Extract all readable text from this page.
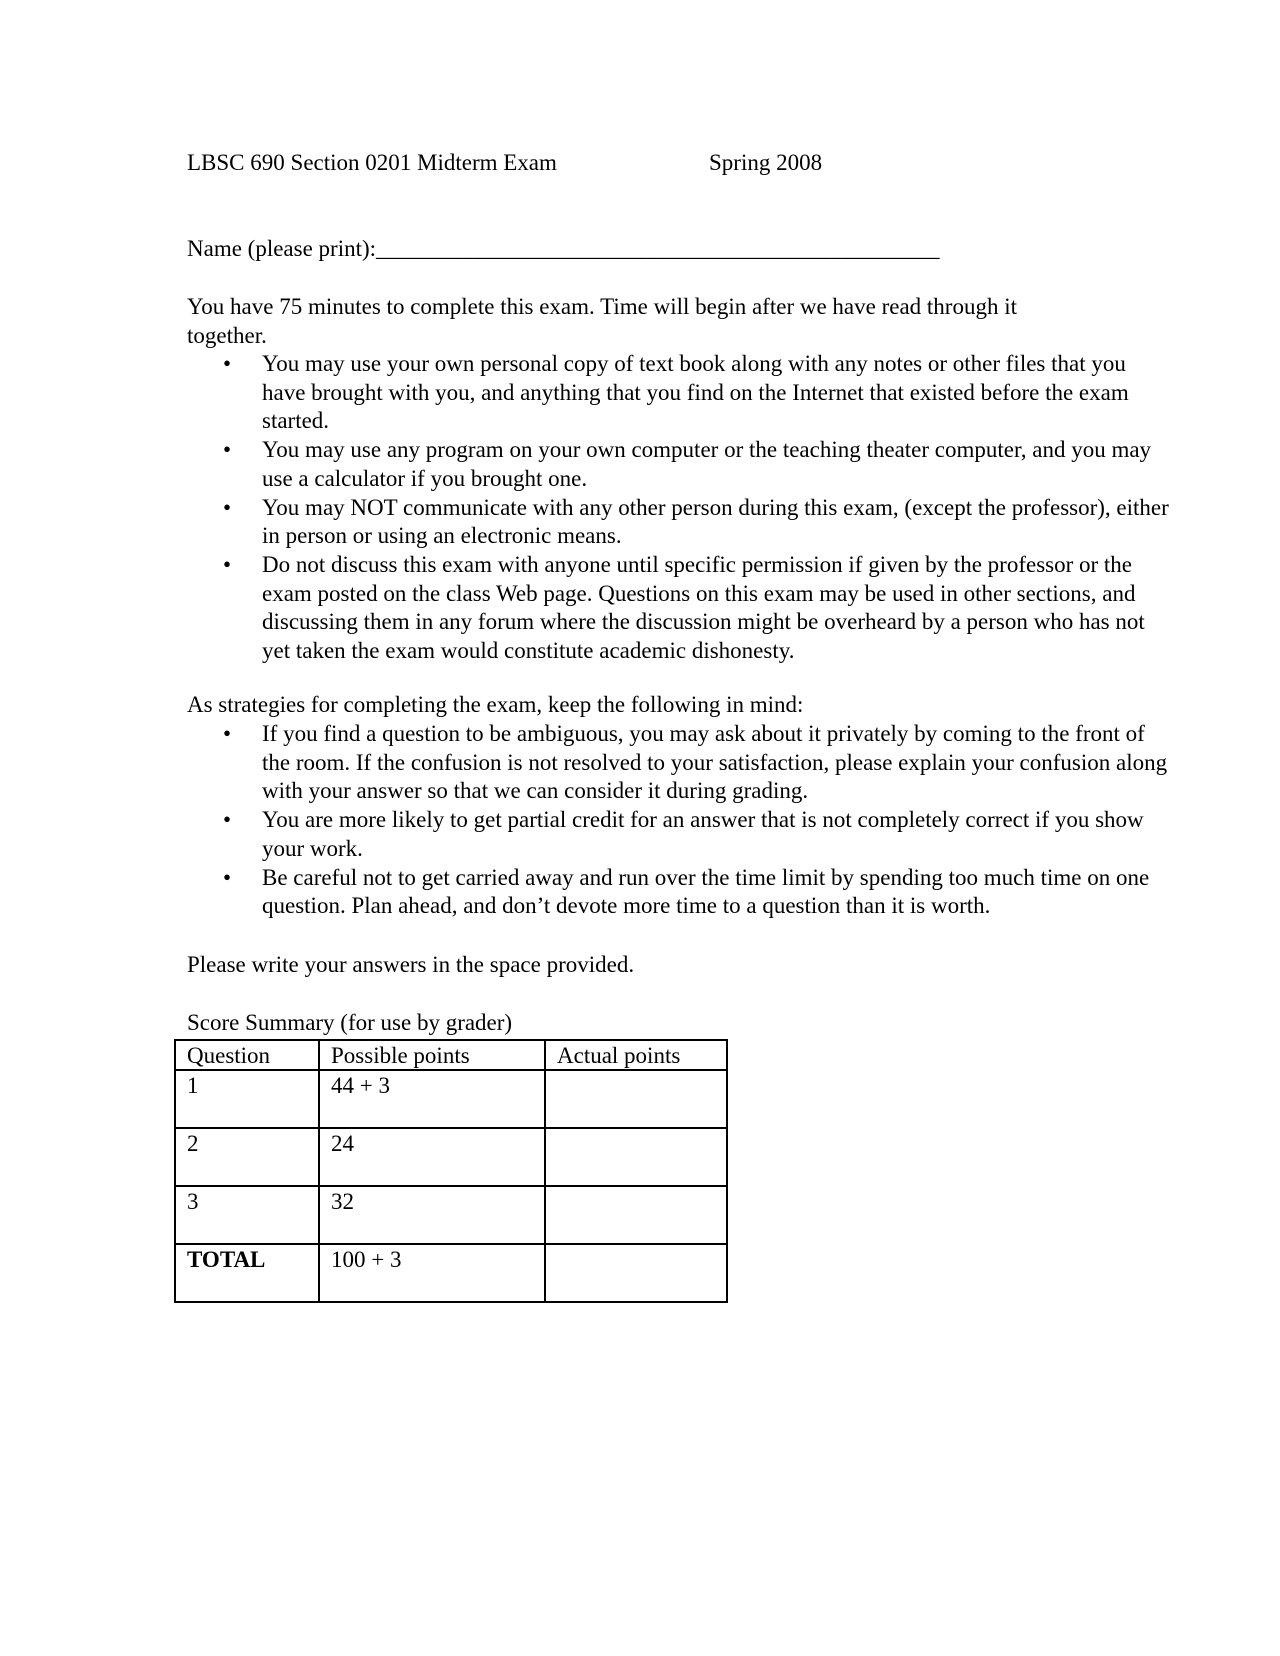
LBSC 690 Section 0201 Midterm Exam	Spring 2008
Name (please print):_________________________________________________
You have 75 minutes to complete this exam. Time will begin after we have read through it
together.
• You may use your own personal copy of text book along with any notes or other files that you have brought with you, and anything that you find on the Internet that existed before the exam started.
• You may use any program on your own computer or the teaching theater computer, and you may use a calculator if you brought one.
• You may NOT communicate with any other person during this exam, (except the professor), either in person or using an electronic means.
• Do not discuss this exam with anyone until specific permission if given by the professor or the exam posted on the class Web page. Questions on this exam may be used in other sections, and discussing them in any forum where the discussion might be overheard by a person who has not yet taken the exam would constitute academic dishonesty.
As strategies for completing the exam, keep the following in mind:
• If you find a question to be ambiguous, you may ask about it privately by coming to the front of the room. If the confusion is not resolved to your satisfaction, please explain your confusion along with your answer so that we can consider it during grading.
• You are more likely to get partial credit for an answer that is not completely correct if you show your work.
• Be careful not to get carried away and run over the time limit by spending too much time on one question. Plan ahead, and don’t devote more time to a question than it is worth.
Please write your answers in the space provided.
Score Summary (for use by grader)
Question	Possible points	Actual points
1	44 + 3	
2	24	
3	32	
TOTAL	100 + 3	
